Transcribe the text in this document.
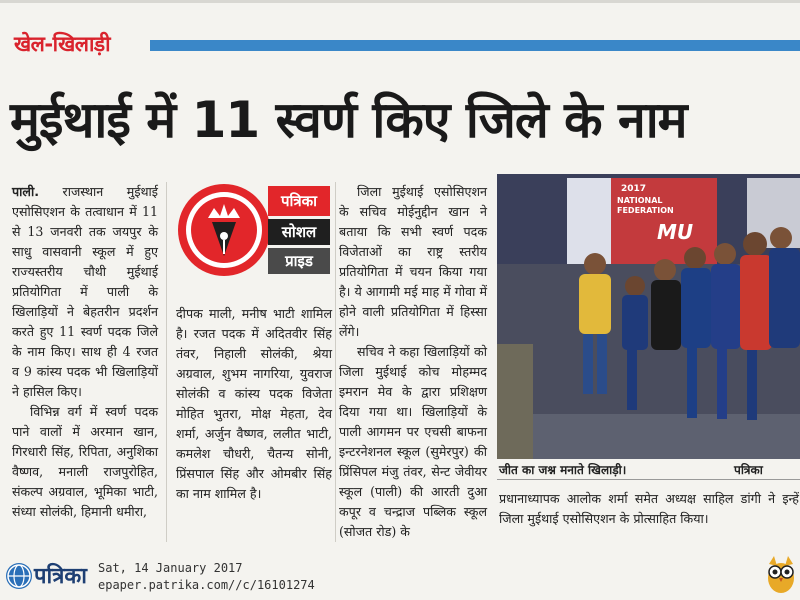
खेल-खिलाड़ी
मुईथाई में 11 स्वर्ण किए जिले के नाम

पाली. राजस्थान मुईथाई एसोसिएशन के तत्वाधान में 11 से 13 जनवरी तक जयपुर के साधु वासवानी स्कूल में हुए राज्यस्तरीय चौथी मुईथाई प्रतियोगिता में पाली के खिलाड़ियों ने बेहतरीन प्रदर्शन करते हुए 11 स्वर्ण पदक जिले के नाम किए। साथ ही 4 रजत व 9 कांस्य पदक भी खिलाड़ियों ने हासिल किए।

विभिन्न वर्ग में स्वर्ण पदक पाने वालों में अरमान खान, गिरधारी सिंह, रिपिता, अनुशिका वैष्णव, मनाली राजपुरोहित, संकल्प अग्रवाल, भूमिका भाटी, संध्या सोलंकी, हिमानी धमीरा,

पत्रिका
सोशल
प्राइड

दीपक माली, मनीष भाटी शामिल है। रजत पदक में अदितवीर सिंह तंवर, निहाली सोलंकी, श्रेया अग्रवाल, शुभम नागरिया, युवराज सोलंकी व कांस्य पदक विजेता मोहित भुतरा, मोक्ष मेहता, देव शर्मा, अर्जुन वैष्णव, ललीत भाटी, कमलेश चौधरी, चैतन्य सोनी, प्रिंसपाल सिंह और ओमबीर सिंह का नाम शामिल है।

जिला मुईथाई एसोसिएशन के सचिव मोईनुद्दीन खान ने बताया कि सभी स्वर्ण पदक विजेताओं का राष्ट्र स्तरीय प्रतियोगिता में चयन किया गया है। ये आगामी मई माह में गोवा में होने वाली प्रतियोगिता में हिस्सा लेंगे।

सचिव ने कहा खिलाड़ियों को जिला मुईथाई कोच मोहम्मद इमरान मेव के द्वारा प्रशिक्षण दिया गया था। खिलाड़ियों के पाली आगमन पर एचसी बाफना इन्टरनेशनल स्कूल (सुमेरपुर) की प्रिंसिपल मंजु तंवर, सेन्ट जेवीयर स्कूल (पाली) की आरती दुआ कपूर व चन्द्राज पब्लिक स्कूल (सोजत रोड) के

2017
NATIONAL FEDERATION
MU
जीत का जश्न मनाते खिलाड़ी।	पत्रिका
प्रधानाध्यापक आलोक शर्मा समेत अध्यक्ष साहिल डांगी ने इन्हें जिला मुईथाई एसोसिएशन के प्रोत्साहित किया।
पत्रिका Sat, 14 January 2017
epaper.patrika.com//c/16101274
